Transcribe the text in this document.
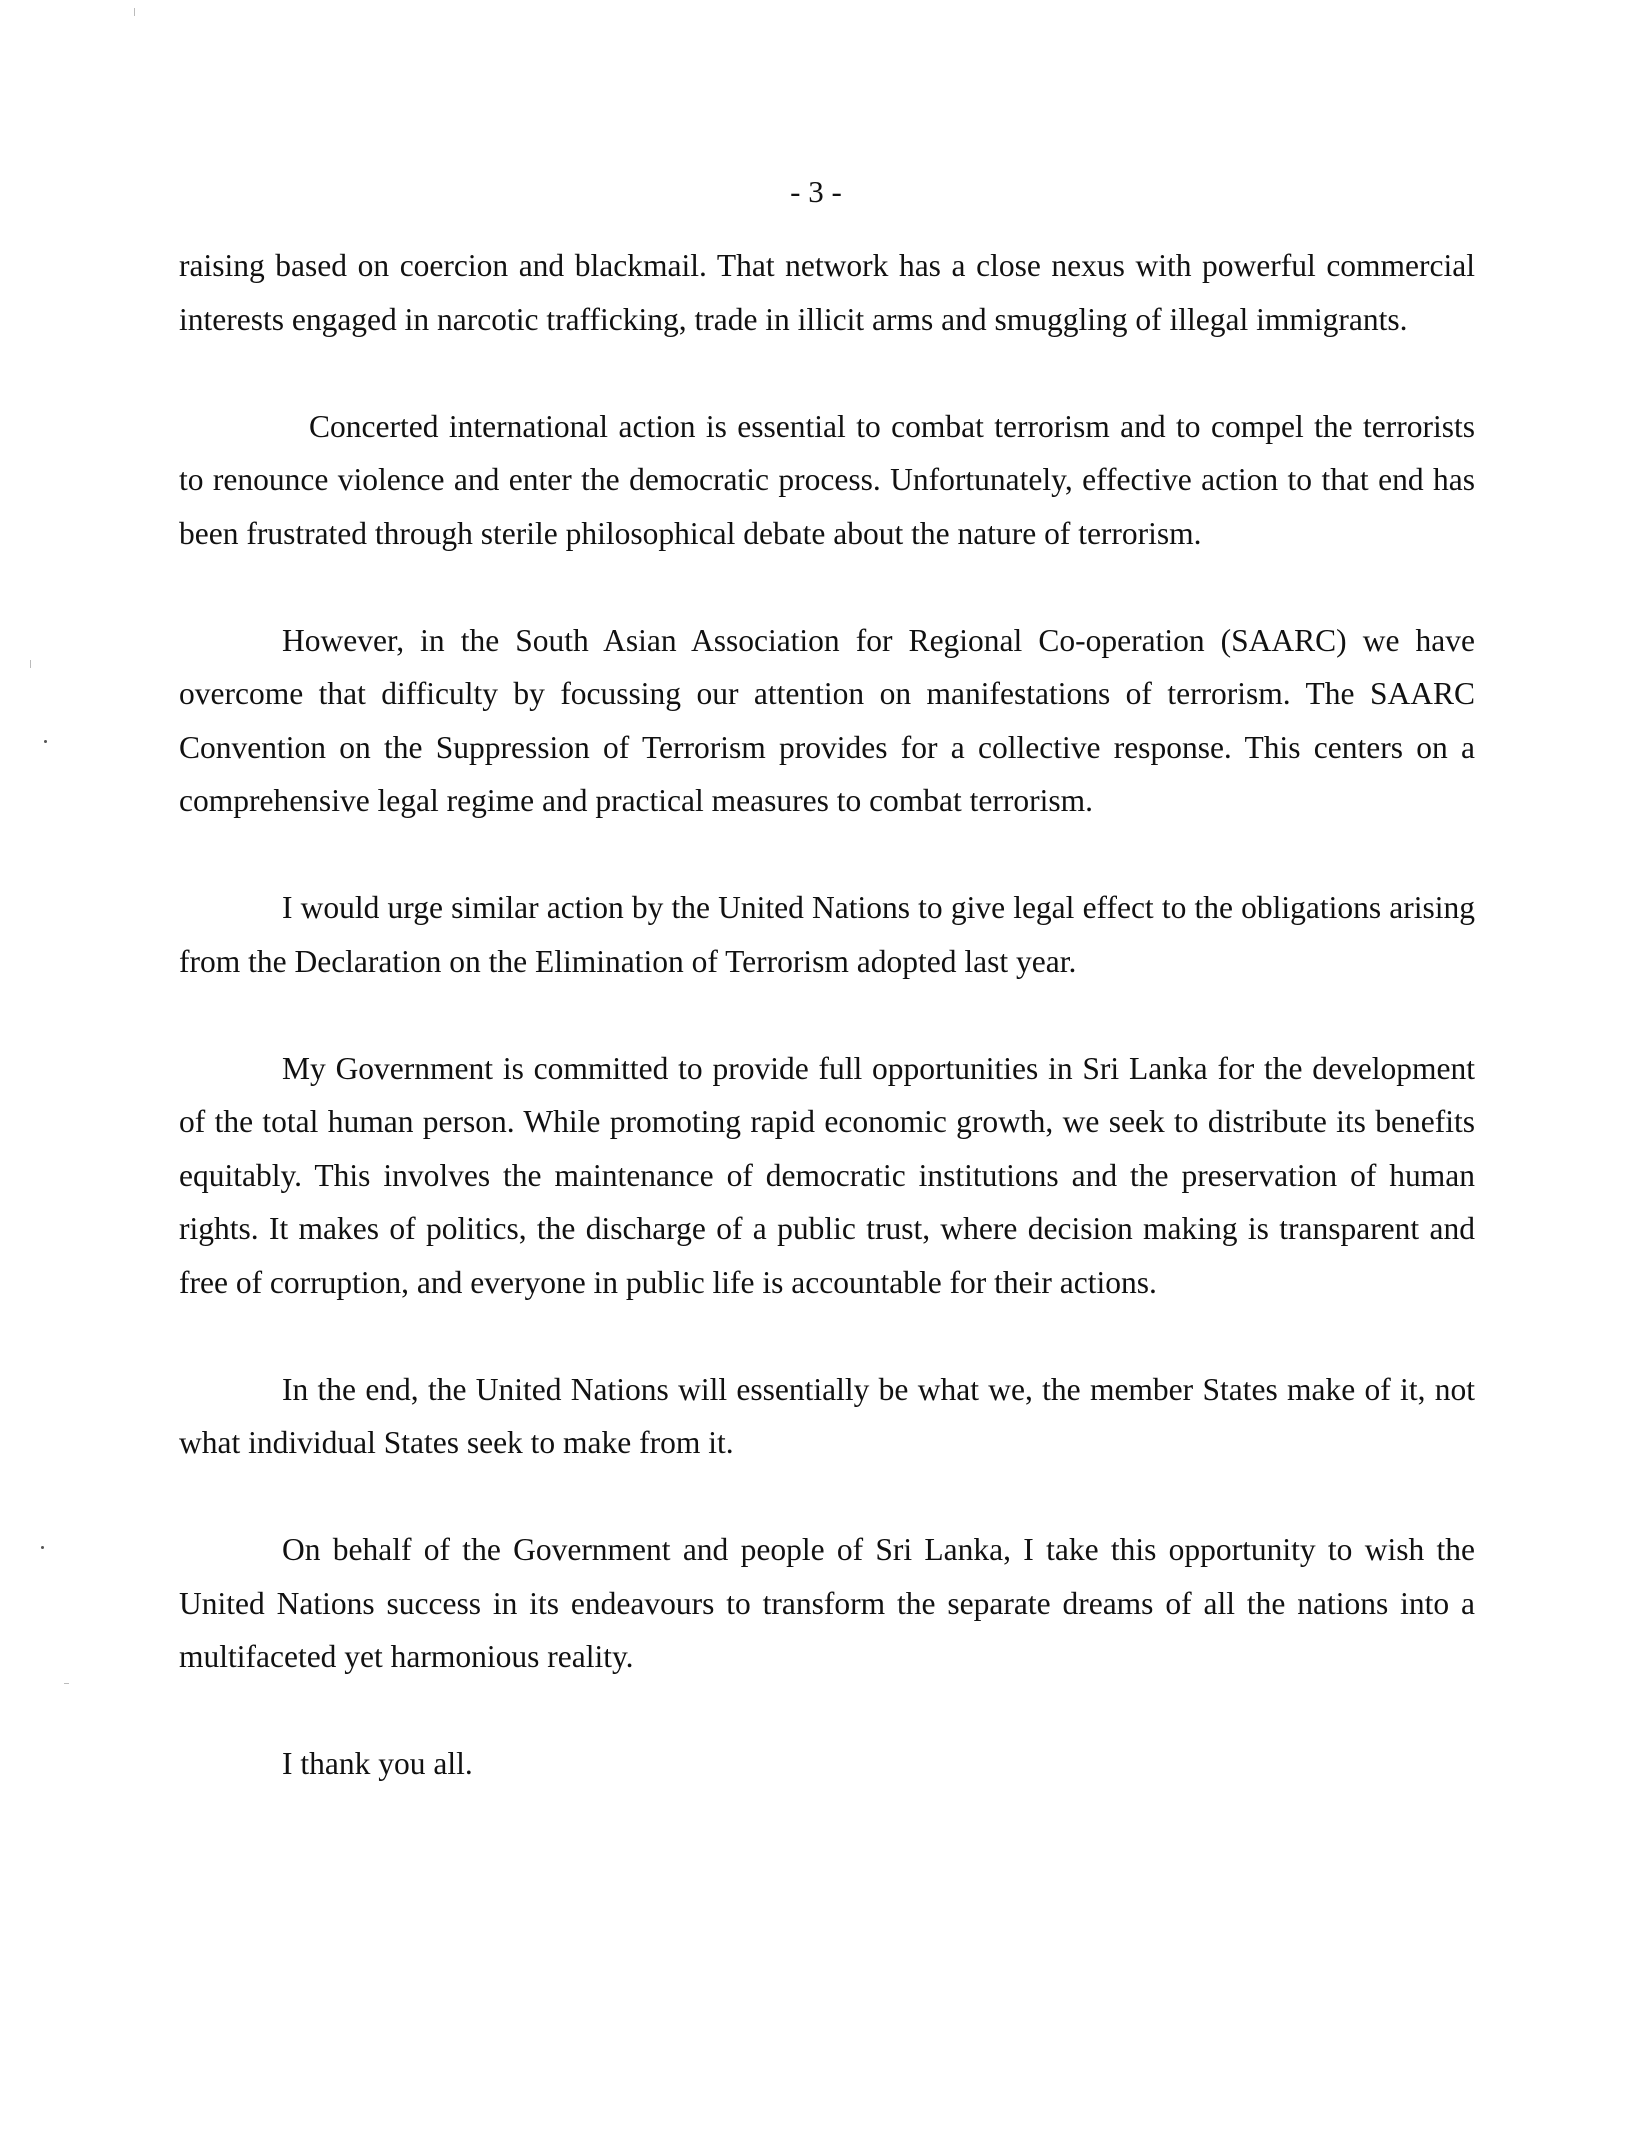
- 3 -

raising based on coercion and blackmail. That network has a close nexus with powerful commercial interests engaged in narcotic trafficking, trade in illicit arms and smuggling of illegal immigrants.

Concerted international action is essential to combat terrorism and to compel the terrorists to renounce violence and enter the democratic process. Unfortunately, effective action to that end has been frustrated through sterile philosophical debate about the nature of terrorism.

However, in the South Asian Association for Regional Co-operation (SAARC) we have overcome that difficulty by focussing our attention on manifestations of terrorism. The SAARC Convention on the Suppression of Terrorism provides for a collective response. This centers on a comprehensive legal regime and practical measures to combat terrorism.

I would urge similar action by the United Nations to give legal effect to the obligations arising from the Declaration on the Elimination of Terrorism adopted last year.

My Government is committed to provide full opportunities in Sri Lanka for the development of the total human person. While promoting rapid economic growth, we seek to distribute its benefits equitably. This involves the maintenance of democratic institutions and the preservation of human rights. It makes of politics, the discharge of a public trust, where decision making is transparent and free of corruption, and everyone in public life is accountable for their actions.

In the end, the United Nations will essentially be what we, the member States make of it, not what individual States seek to make from it.

On behalf of the Government and people of Sri Lanka, I take this opportunity to wish the United Nations success in its endeavours to transform the separate dreams of all the nations into a multifaceted yet harmonious reality.

I thank you all.
